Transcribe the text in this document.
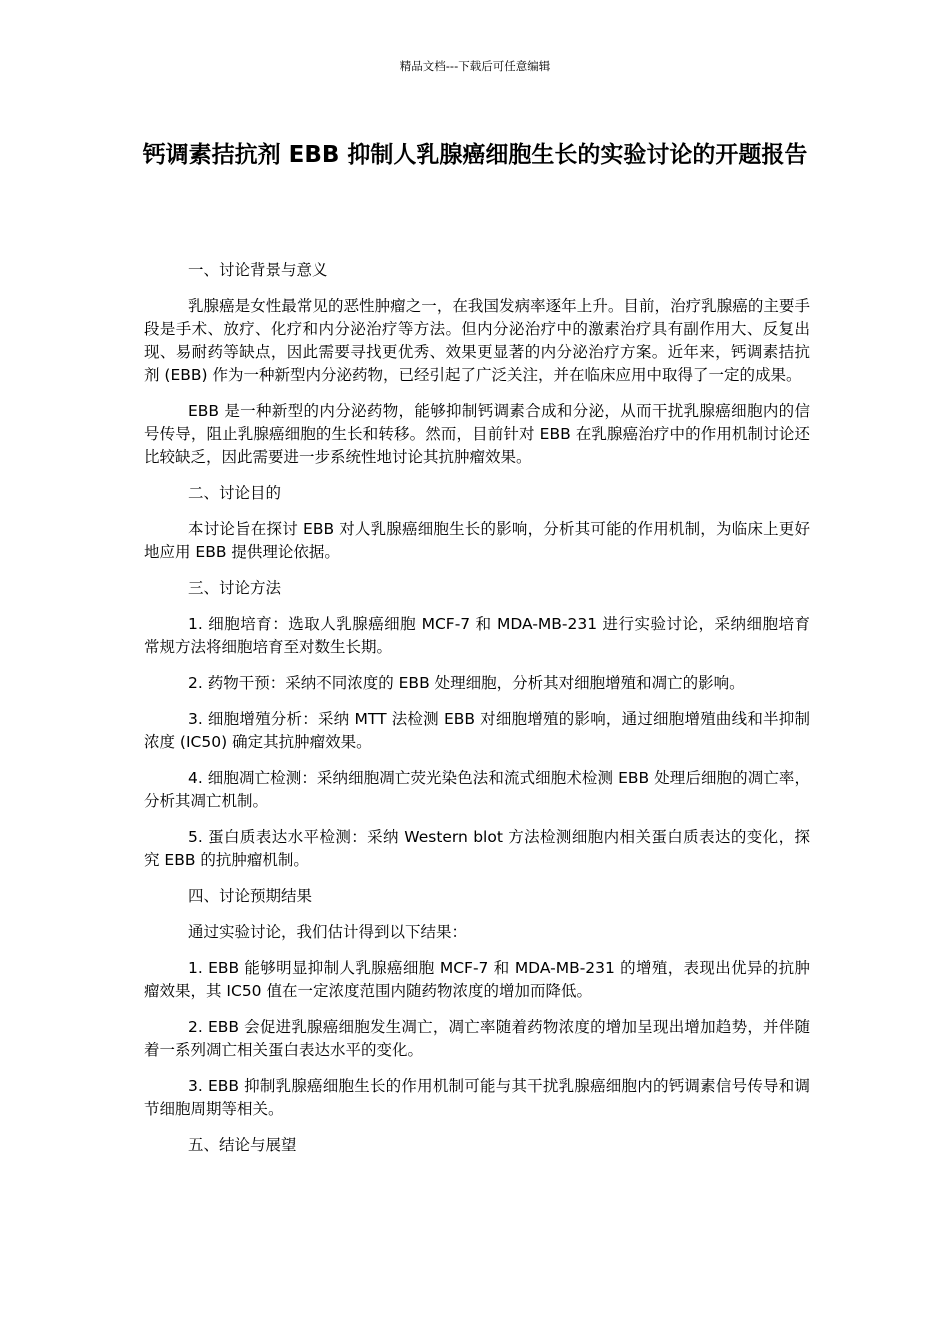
精品文档---下载后可任意编辑
钙调素拮抗剂 EBB 抑制人乳腺癌细胞生长的实验讨论的开题报告
一、讨论背景与意义
乳腺癌是女性最常见的恶性肿瘤之一，在我国发病率逐年上升。目前，治疗乳腺癌的主要手段是手术、放疗、化疗和内分泌治疗等方法。但内分泌治疗中的激素治疗具有副作用大、反复出现、易耐药等缺点，因此需要寻找更优秀、效果更显著的内分泌治疗方案。近年来，钙调素拮抗剂 (EBB) 作为一种新型内分泌药物，已经引起了广泛关注，并在临床应用中取得了一定的成果。
EBB 是一种新型的内分泌药物，能够抑制钙调素合成和分泌，从而干扰乳腺癌细胞内的信号传导，阻止乳腺癌细胞的生长和转移。然而，目前针对 EBB 在乳腺癌治疗中的作用机制讨论还比较缺乏，因此需要进一步系统性地讨论其抗肿瘤效果。
二、讨论目的
本讨论旨在探讨 EBB 对人乳腺癌细胞生长的影响，分析其可能的作用机制，为临床上更好地应用 EBB 提供理论依据。
三、讨论方法
1. 细胞培育：选取人乳腺癌细胞 MCF-7 和 MDA-MB-231 进行实验讨论，采纳细胞培育常规方法将细胞培育至对数生长期。
2. 药物干预：采纳不同浓度的 EBB 处理细胞，分析其对细胞增殖和凋亡的影响。
3. 细胞增殖分析：采纳 MTT 法检测 EBB 对细胞增殖的影响，通过细胞增殖曲线和半抑制浓度 (IC50) 确定其抗肿瘤效果。
4. 细胞凋亡检测：采纳细胞凋亡荧光染色法和流式细胞术检测 EBB 处理后细胞的凋亡率，分析其凋亡机制。
5. 蛋白质表达水平检测：采纳 Western blot 方法检测细胞内相关蛋白质表达的变化，探究 EBB 的抗肿瘤机制。
四、讨论预期结果
通过实验讨论，我们估计得到以下结果：
1. EBB 能够明显抑制人乳腺癌细胞 MCF-7 和 MDA-MB-231 的增殖，表现出优异的抗肿瘤效果，其 IC50 值在一定浓度范围内随药物浓度的增加而降低。
2. EBB 会促进乳腺癌细胞发生凋亡，凋亡率随着药物浓度的增加呈现出增加趋势，并伴随着一系列凋亡相关蛋白表达水平的变化。
3. EBB 抑制乳腺癌细胞生长的作用机制可能与其干扰乳腺癌细胞内的钙调素信号传导和调节细胞周期等相关。
五、结论与展望
